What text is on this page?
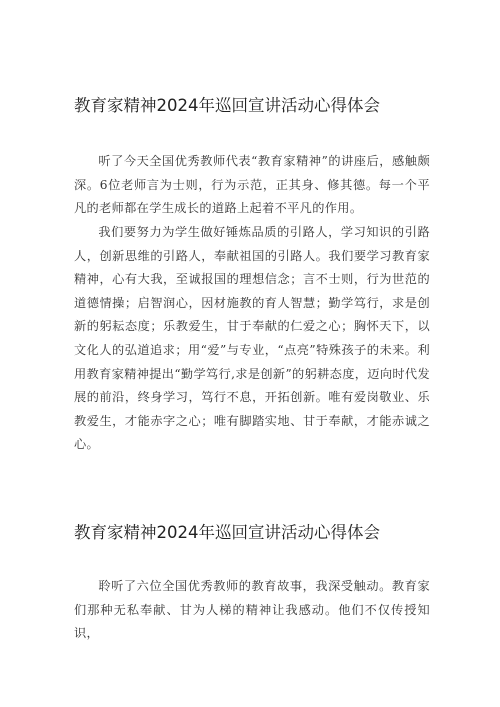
教育家精神2024年巡回宣讲活动心得体会

听了今天全国优秀教师代表“教育家精神”的讲座后，感触颇深。6位老师言为士则，行为示范，正其身、修其德。每一个平凡的老师都在学生成长的道路上起着不平凡的作用。

我们要努力为学生做好锤炼品质的引路人，学习知识的引路人，创新思维的引路人，奉献祖国的引路人。我们要学习教育家精神，心有大我，至诚报国的理想信念；言不士则，行为世范的道德情操；启智润心，因材施教的育人智慧；勤学笃行，求是创新的躬耘态度；乐教爱生，甘于奉献的仁爱之心；胸怀天下，以文化人的弘道追求；用“爱”与专业，“点亮”特殊孩子的未来。利用教育家精神提出“勤学笃行,求是创新”的躬耕态度，迈向时代发展的前沿，终身学习，笃行不息，开拓创新。唯有爱岗敬业、乐教爱生，才能赤字之心；唯有脚踏实地、甘于奉献，才能赤诚之心。

教育家精神2024年巡回宣讲活动心得体会

聆听了六位全国优秀教师的教育故事，我深受触动。教育家们那种无私奉献、甘为人梯的精神让我感动。他们不仅传授知识，
